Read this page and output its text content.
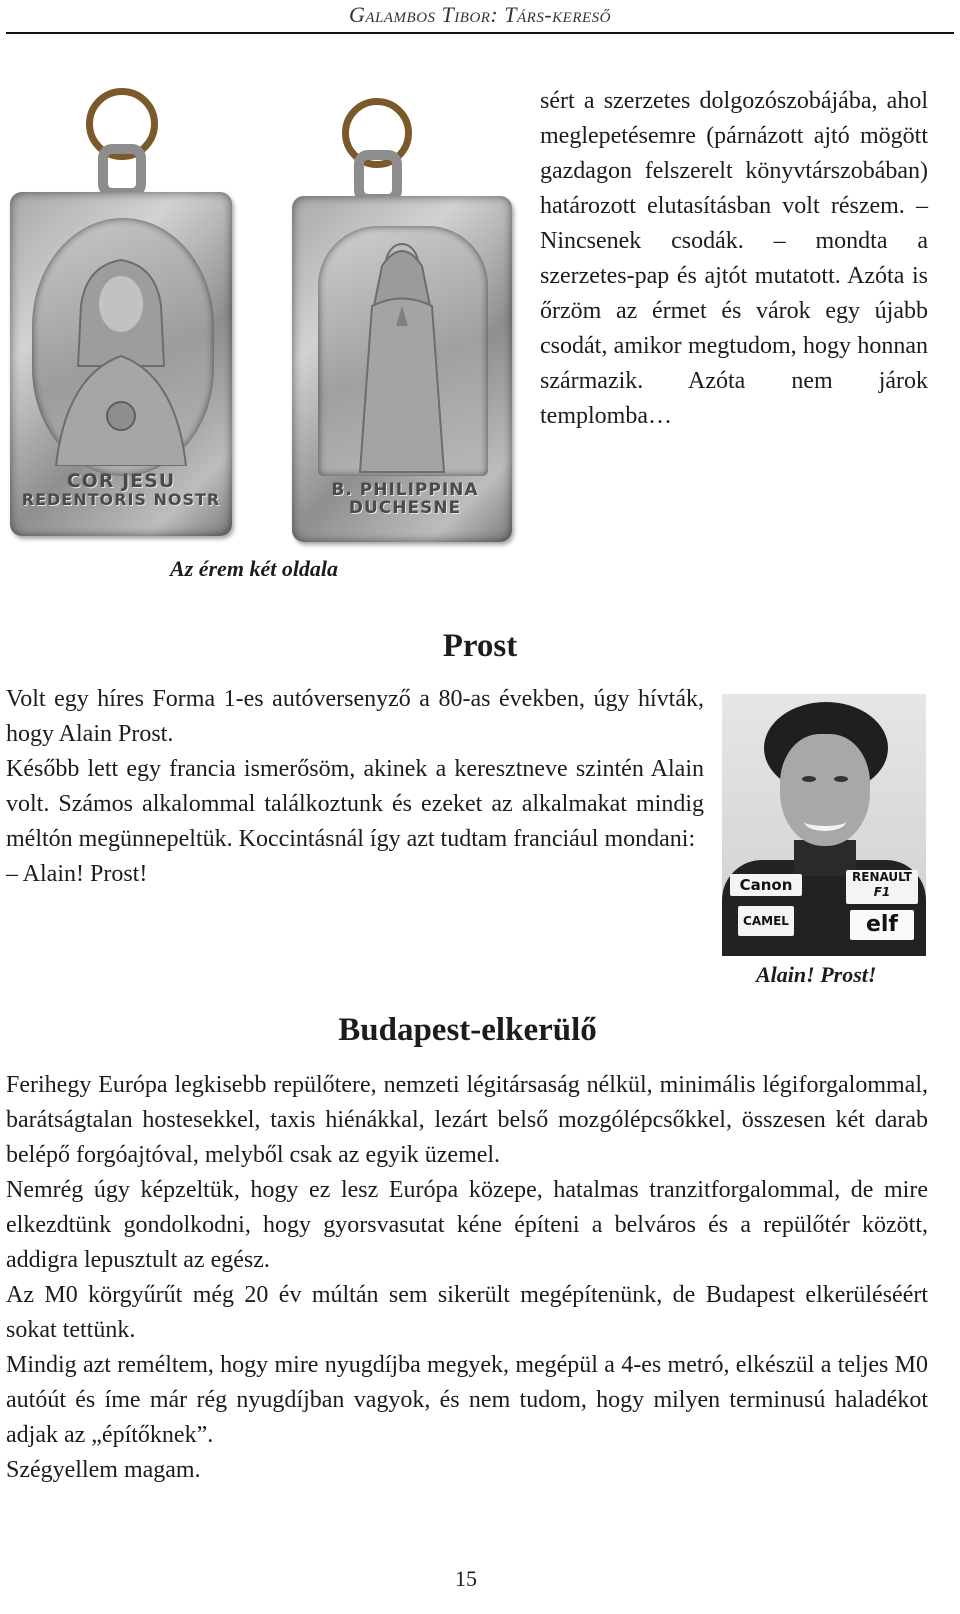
Galambos Tibor: Társ-kereső
COR JESU
REDENTORIS NOSTR	B. PHILIPPINA
DUCHESNE
Az érem két oldala
sért a szerzetes dolgozószobájába, ahol meglepetésemre (párnázott ajtó mögött gazdagon felszerelt könyvtárszobában) határozott elutasításban volt részem. – Nincsenek csodák. – mondta a szerzetes-pap és ajtót mutatott. Azóta is őrzöm az érmet és várok egy újabb csodát, amikor megtudom, hogy honnan származik. Azóta nem járok templomba…
Prost

Volt egy híres Forma 1-es autóversenyző a 80-as években, úgy hívták, hogy Alain Prost.

Később lett egy francia ismerősöm, akinek a keresztneve szintén Alain volt. Számos alkalommal találkoztunk és ezeket az alkalmakat mindig méltón megünnepeltük. Koccintásnál így azt tudtam franciául mondani:

– Alain! Prost!	Canon	RENAULT
F1
CAMEL	elf
Alain! Prost!
Budapest-elkerülő

Ferihegy Európa legkisebb repülőtere, nemzeti légitársaság nélkül, minimális légiforgalommal, barátságtalan hostesekkel, taxis hiénákkal, lezárt belső mozgólépcsőkkel, összesen két darab belépő forgóajtóval, melyből csak az egyik üzemel.

Nemrég úgy képzeltük, hogy ez lesz Európa közepe, hatalmas tranzitforgalommal, de mire elkezdtünk gondolkodni, hogy gyorsvasutat kéne építeni a belváros és a repülőtér között, addigra lepusztult az egész.

Az M0 körgyűrűt még 20 év múltán sem sikerült megépítenünk, de Budapest elkerüléséért sokat tettünk.

Mindig azt reméltem, hogy mire nyugdíjba megyek, megépül a 4-es metró, elkészül a teljes M0 autóút és íme már rég nyugdíjban vagyok, és nem tudom, hogy milyen terminusú haladékot adjak az „építőknek”.

Szégyellem magam.

15
